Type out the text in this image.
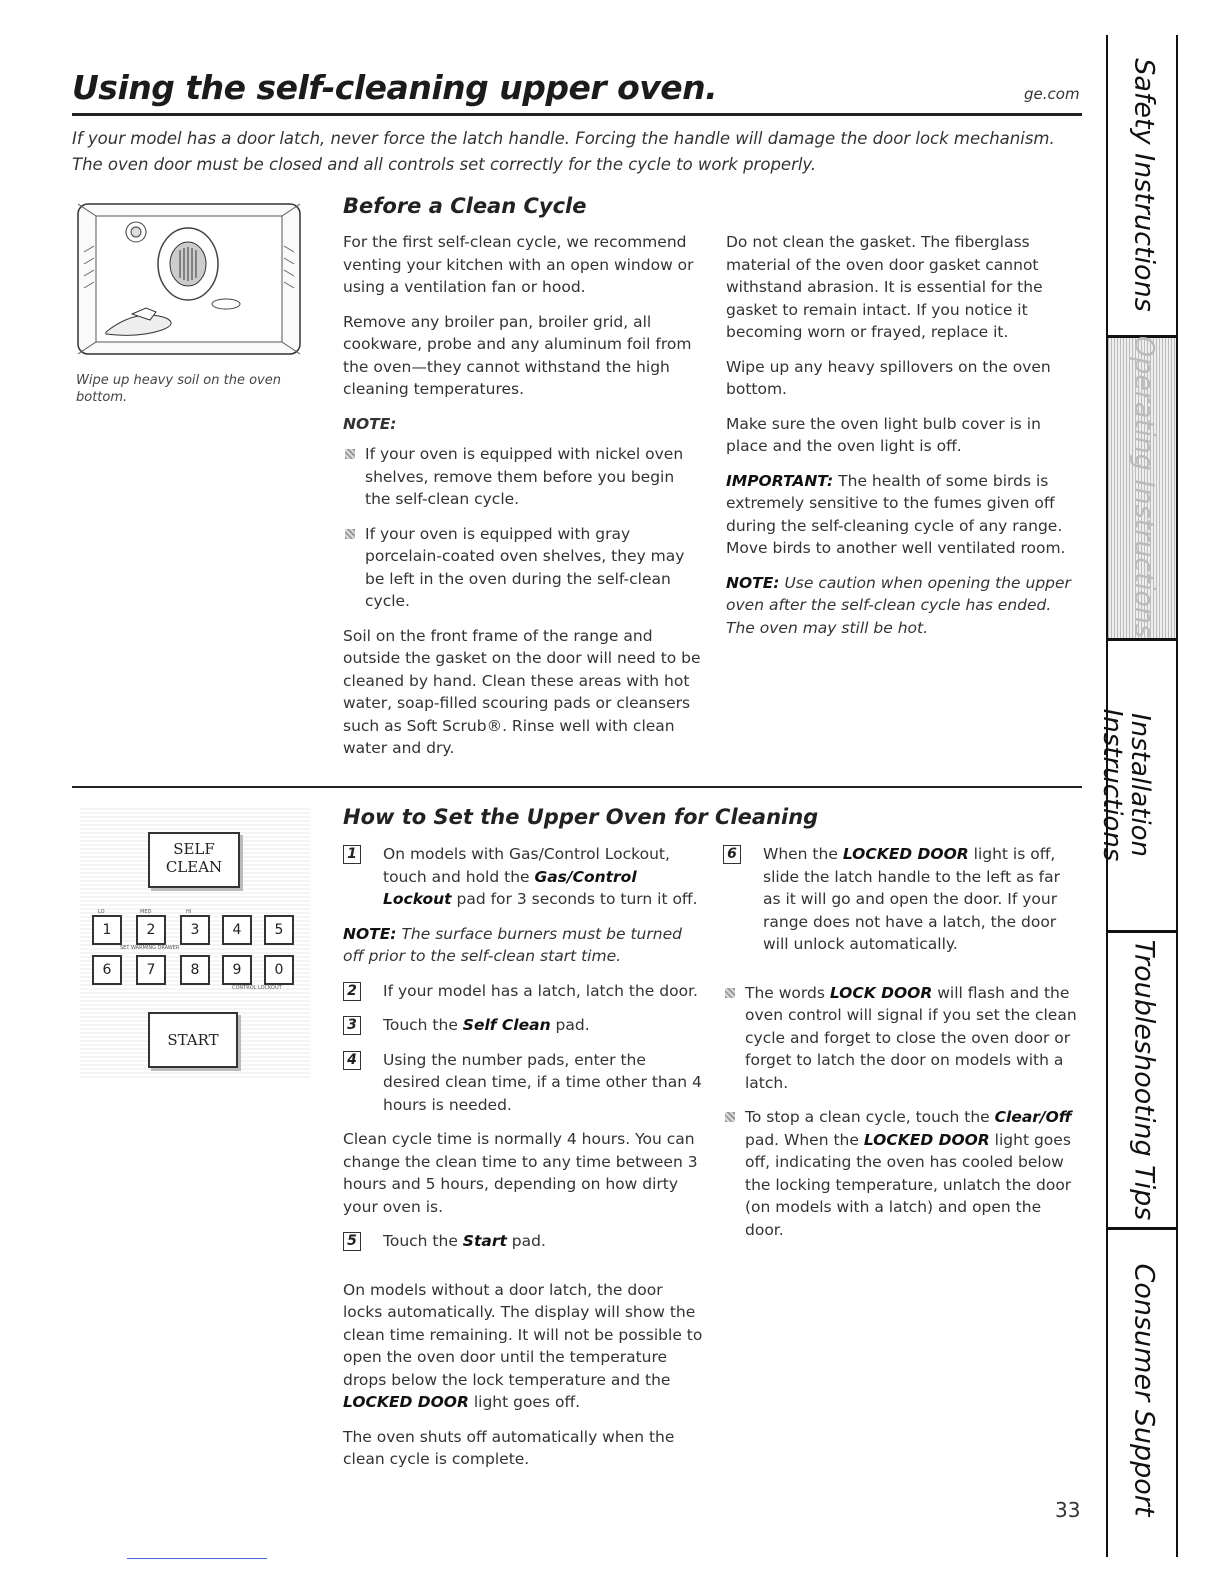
Using the self-cleaning upper oven.	ge.com
If your model has a door latch, never force the latch handle. Forcing the handle will damage the door lock mechanism.
The oven door must be closed and all controls set correctly for the cycle to work properly.
Wipe up heavy soil on the oven bottom.
Before a Clean Cycle

For the first self-clean cycle, we recommend venting your kitchen with an open window or using a ventilation fan or hood.

Remove any broiler pan, broiler grid, all cookware, probe and any aluminum foil from the oven—they cannot withstand the high cleaning temperatures.

NOTE:

If your oven is equipped with nickel oven shelves, remove them before you begin the self-clean cycle.
If your oven is equipped with gray porcelain-coated oven shelves, they may be left in the oven during the self-clean cycle.

Soil on the front frame of the range and outside the gasket on the door will need to be cleaned by hand. Clean these areas with hot water, soap-filled scouring pads or cleansers such as Soft Scrub®. Rinse well with clean water and dry.

Do not clean the gasket. The fiberglass material of the oven door gasket cannot withstand abrasion. It is essential for the gasket to remain intact. If you notice it becoming worn or frayed, replace it.

Wipe up any heavy spillovers on the oven bottom.

Make sure the oven light bulb cover is in place and the oven light is off.

IMPORTANT: The health of some birds is extremely sensitive to the fumes given off during the self-cleaning cycle of any range. Move birds to another well ventilated room.

NOTE: Use caution when opening the upper oven after the self-clean cycle has ended. The oven may still be hot.

SELF
CLEAN
1	2	3	4	5
LO	MED	HI
SET WARMING DRAWER
6	7	8	9	0
CONTROL LOCKOUT
START
How to Set the Upper Oven for Cleaning
1 On models with Gas/Control Lockout, touch and hold the Gas/Control Lockout pad for 3 seconds to turn it off.

NOTE: The surface burners must be turned off prior to the self-clean start time.

2 If your model has a latch, latch the door.
3 Touch the Self Clean pad.
4 Using the number pads, enter the desired clean time, if a time other than 4 hours is needed.

Clean cycle time is normally 4 hours. You can change the clean time to any time between 3 hours and 5 hours, depending on how dirty your oven is.

5 Touch the Start pad.

On models without a door latch, the door locks automatically. The display will show the clean time remaining. It will not be possible to open the oven door until the temperature drops below the lock temperature and the LOCKED DOOR light goes off.

The oven shuts off automatically when the clean cycle is complete.

6 When the LOCKED DOOR light is off, slide the latch handle to the left as far as it will go and open the door. If your range does not have a latch, the door will unlock automatically.
The words LOCK DOOR will flash and the oven control will signal if you set the clean cycle and forget to close the oven door or forget to latch the door on models with a latch.
To stop a clean cycle, touch the Clear/Off pad. When the LOCKED DOOR light goes off, indicating the oven has cooled below the locking temperature, unlatch the door (on models with a latch) and open the door.
33
Safety Instructions
Operating Instructions
Installation Instructions
Troubleshooting Tips
Consumer Support
